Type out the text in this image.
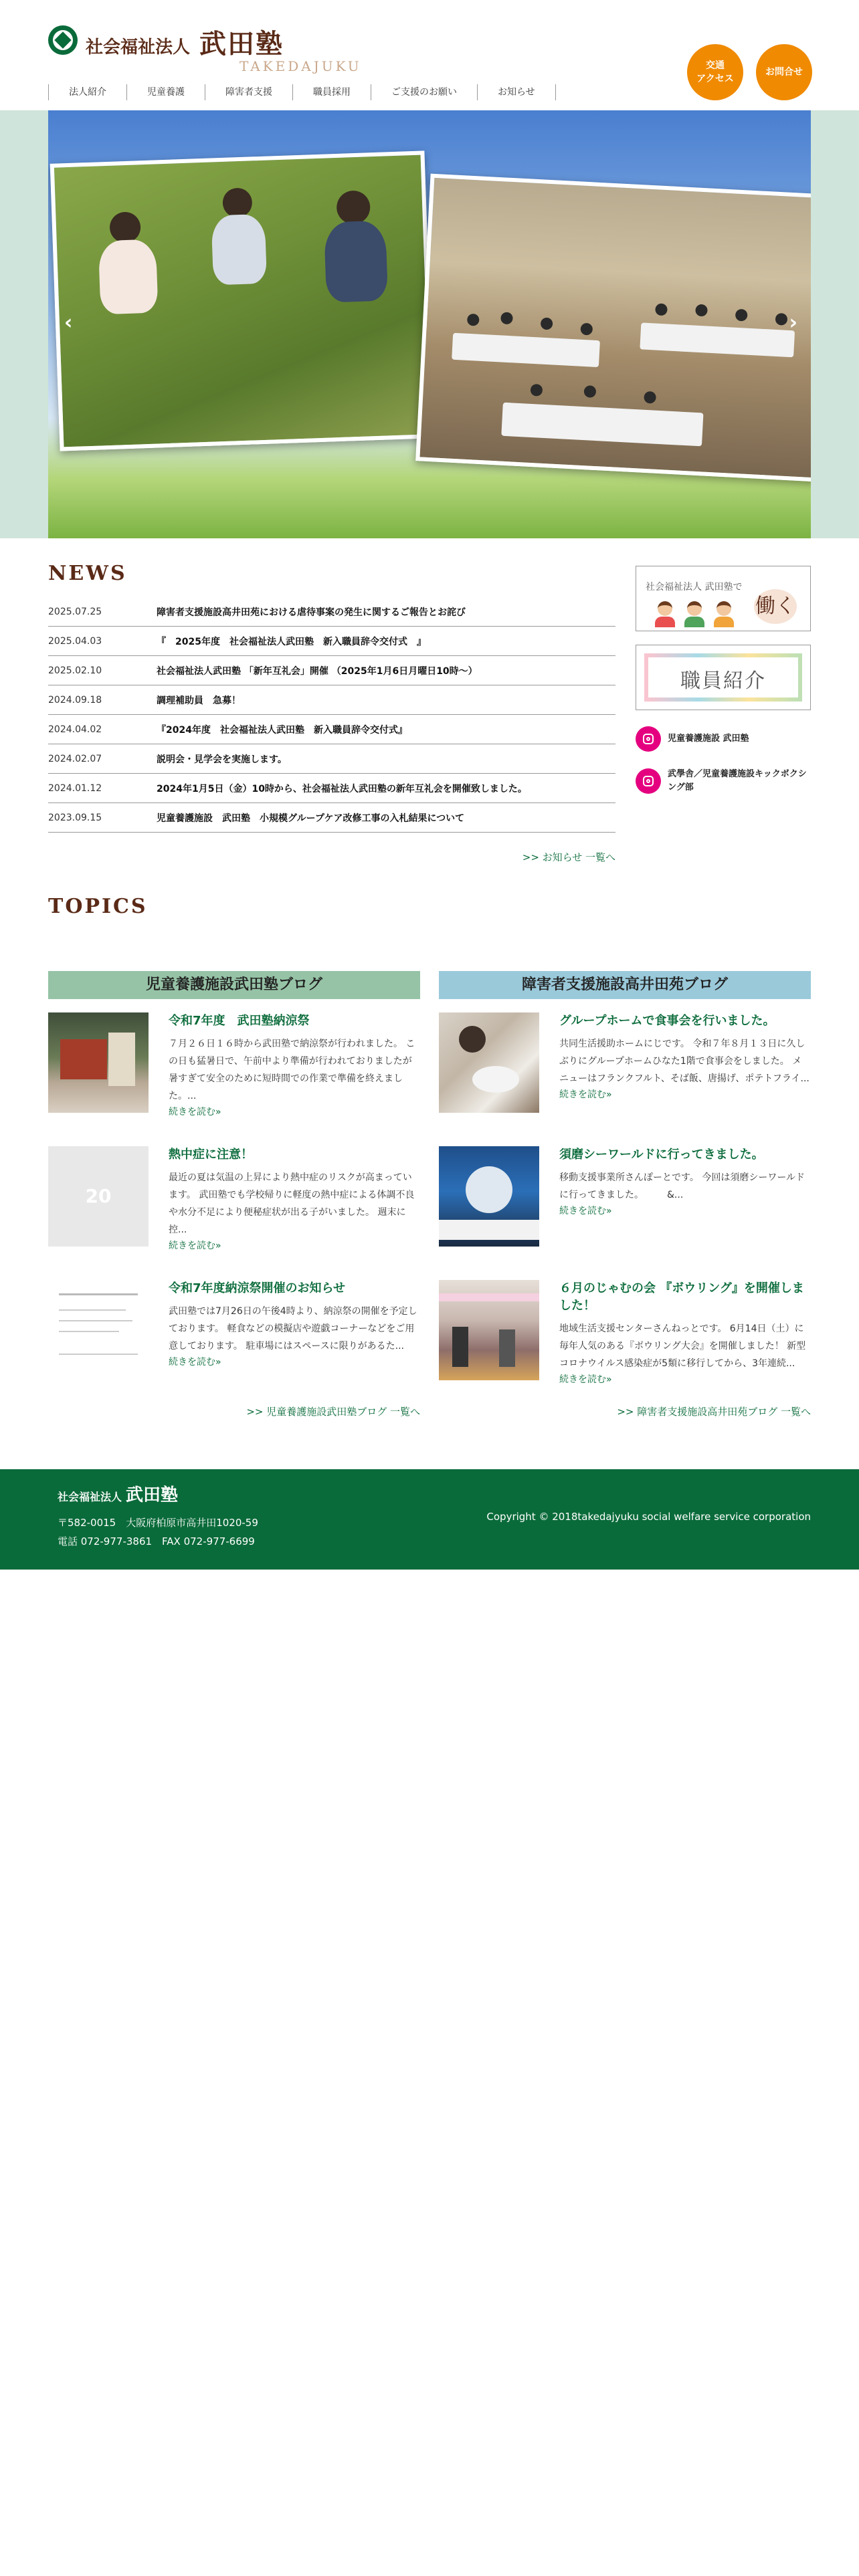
社会福祉法人 武田塾
TAKEDAJUKU
法人紹介	児童養護	障害者支援	職員採用	ご支援のお願い	お知らせ
交通
アクセス
お問合せ
‹	›
NEWS
2025.07.25	障害者支援施設高井田苑における虐待事案の発生に関するご報告とお詫び
2025.04.03	『　2025年度　社会福祉法人武田塾　新入職員辞令交付式　』
2025.02.10	社会福祉法人武田塾 「新年互礼会」開催 （2025年1月6日月曜日10時〜）
2024.09.18	調理補助員　急募！
2024.04.02	『2024年度　社会福祉法人武田塾　新入職員辞令交付式』
2024.02.07	説明会・見学会を実施します。
2024.01.12	2024年1月5日（金）10時から、社会福祉法人武田塾の新年互礼会を開催致しました。
2023.09.15	児童養護施設　武田塾　小規模グループケア改修工事の入札結果について
>> お知らせ 一覧へ
社会福祉法人 武田塾で
働く
職員紹介
児童養護施設 武田塾
武學舎／児童養護施設キックボクシング部
TOPICS
児童養護施設武田塾ブログ
令和7年度　武田塾納涼祭

７月２６日１６時から武田塾で納涼祭が行われました。 この日も猛暑日で、午前中より準備が行われておりましたが暑すぎて安全のために短時間での作業で準備を終えました。...

続きを読む»
20
熱中症に注意！

最近の夏は気温の上昇により熱中症のリスクが高まっています。 武田塾でも学校帰りに軽度の熱中症による体調不良や水分不足により便秘症状が出る子がいました。 週末に控...

続きを読む»
令和7年度納涼祭開催のお知らせ

武田塾では7月26日の午後4時より、納涼祭の開催を予定しております。 軽食などの模擬店や遊戯コーナーなどをご用意しております。 駐車場にはスペースに限りがあるた...

続きを読む»
>> 児童養護施設武田塾ブログ 一覧へ
障害者支援施設高井田苑ブログ
グループホームで食事会を行いました。

共同生活援助ホームにじです。 令和７年８月１３日に久しぶりにグループホームひなた1階で食事会をしました。 メニューはフランクフルト、そば飯、唐揚げ、ポテトフライ...

続きを読む»
須磨シーワールドに行ってきました。

移動支援事業所さんぽーとです。 今回は須磨シーワールドに行ってきました。　　　&...

続きを読む»
６月のじゃむの会 『ボウリング』を開催しました！

地域生活支援センターさんねっとです。 6月14日（土）に毎年人気のある『ボウリング大会』を開催しました！ 新型コロナウイルス感染症が5類に移行してから、3年連続...

続きを読む»
>> 障害者支援施設高井田苑ブログ 一覧へ
社会福祉法人 武田塾
〒582-0015　大阪府柏原市高井田1020-59
電話 072-977-3861　FAX 072-977-6699
Copyright © 2018takedajyuku social welfare service corporation
